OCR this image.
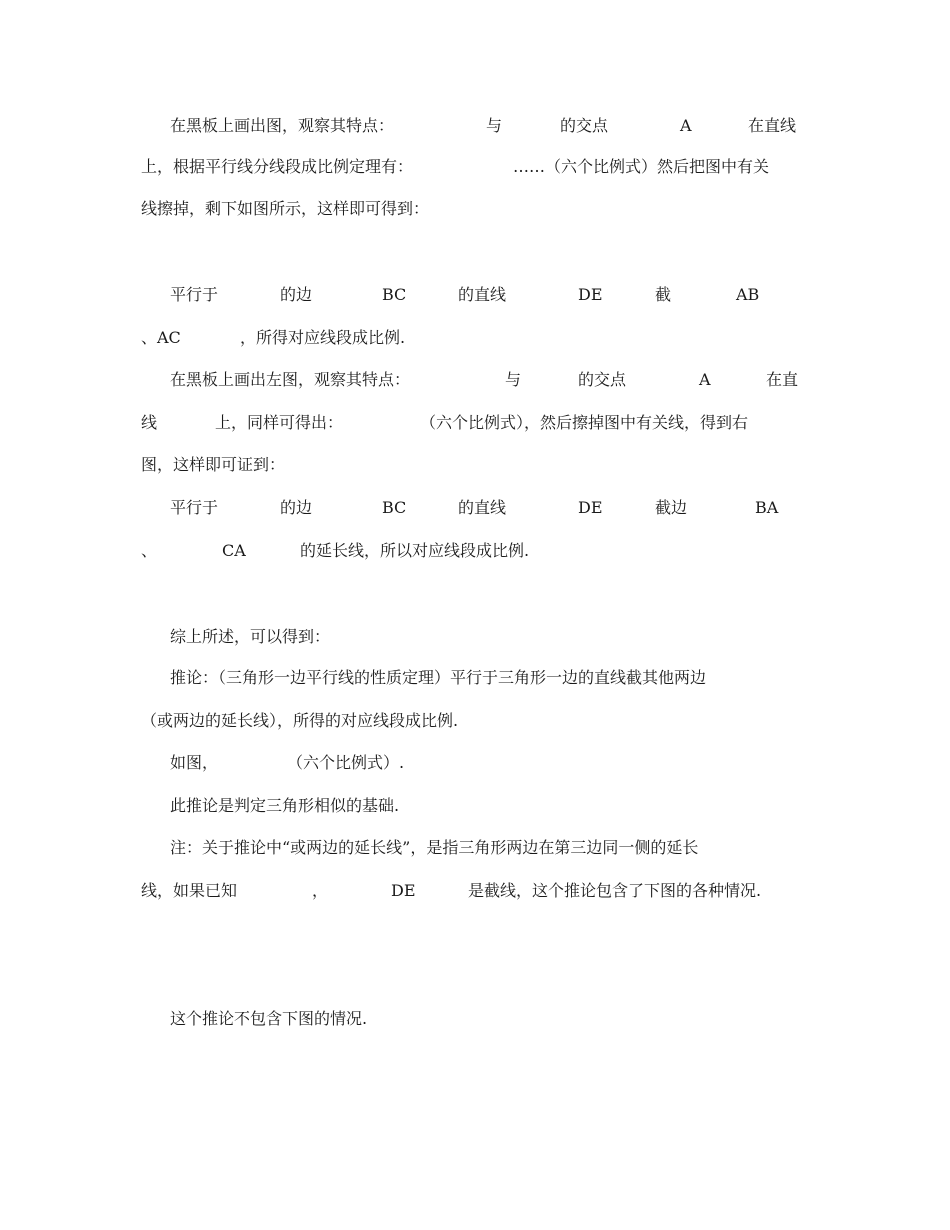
在黑板上画出图，观察其特点：

	与

	的交点

	A

	在直线

上，根据平行线分线段成比例定理有：

	……（六个比例式）然后把图中有关

线擦掉，剩下如图所示，这样即可得到：

平行于

	的边

	BC

	的直线

	DE

	截

	AB

、AC

	，所得对应线段成比例.

在黑板上画出左图，观察其特点：

	与

	的交点

	A

	在直

线

	上，同样可得出：

	（六个比例式），然后擦掉图中有关线，得到右

图，这样即可证到：

平行于

	的边

	BC

	的直线

	DE

	截边

	BA

、

	CA

	的延长线，所以对应线段成比例.

综上所述，可以得到：

推论：（三角形一边平行线的性质定理）平行于三角形一边的直线截其他两边

（或两边的延长线），所得的对应线段成比例.

如图，

	（六个比例式）.

此推论是判定三角形相似的基础.

注：关于推论中“或两边的延长线”，是指三角形两边在第三边同一侧的延长

线，如果已知

	，

	DE

	是截线，这个推论包含了下图的各种情况.

这个推论不包含下图的情况.
